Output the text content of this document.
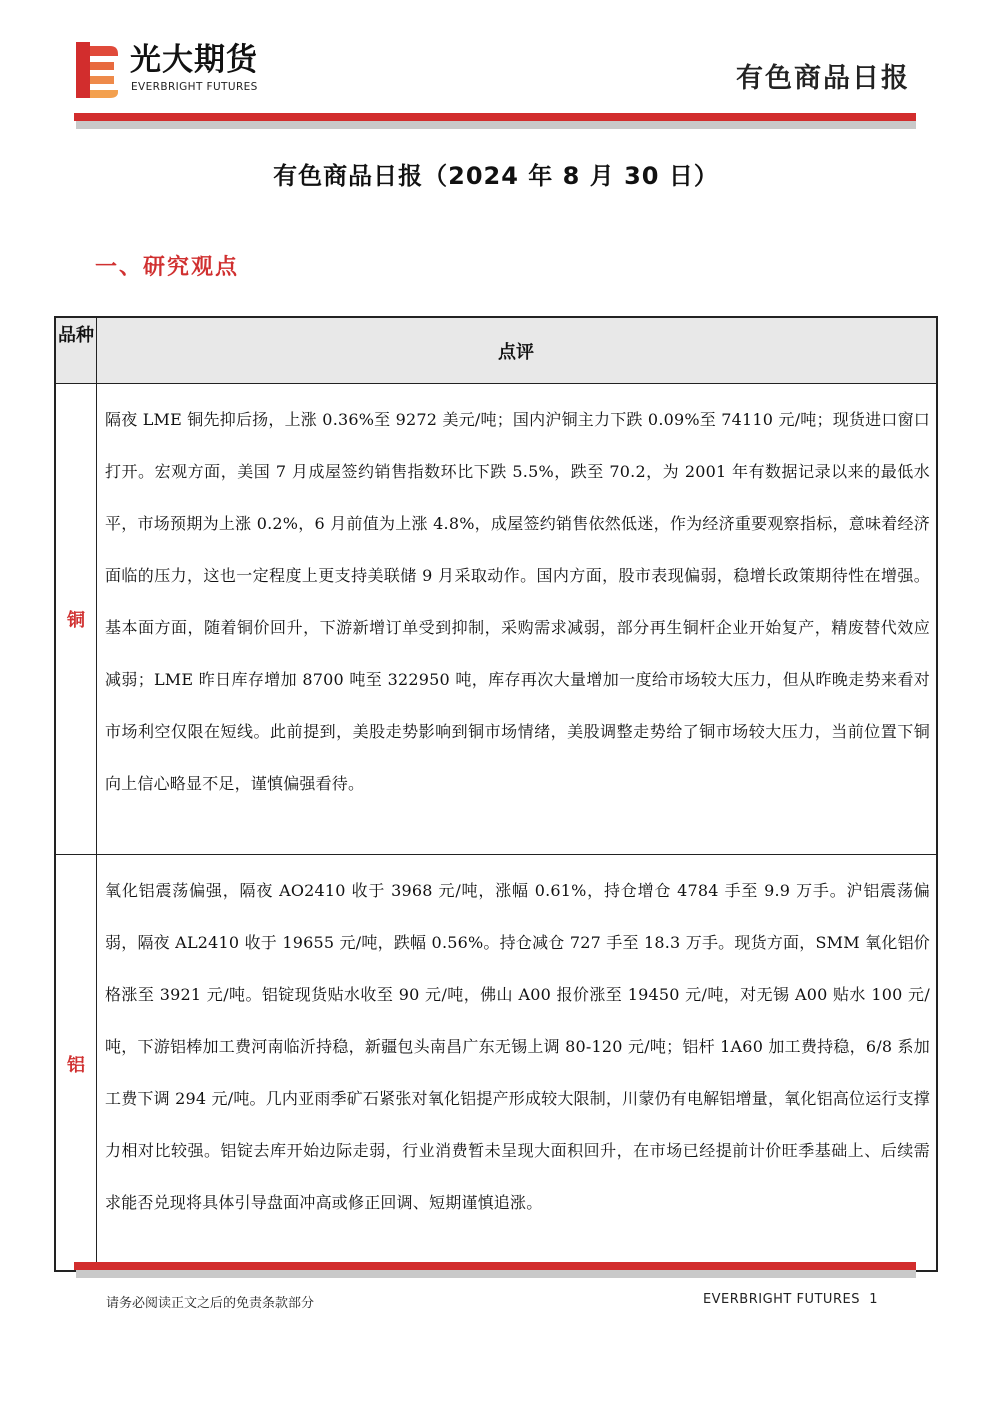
光大期货
EVERBRIGHT FUTURES	有色商品日报
有色商品日报（2024 年 8 月 30 日）
一、研究观点
品种
点评
铜
隔夜 LME 铜先抑后扬，上涨 0.36%至 9272 美元/吨；国内沪铜主力下跌 0.09%至 74110 元/吨；现货进口窗口打开。宏观方面，美国 7 月成屋签约销售指数环比下跌 5.5%，跌至 70.2，为 2001 年有数据记录以来的最低水平，市场预期为上涨 0.2%，6 月前值为上涨 4.8%，成屋签约销售依然低迷，作为经济重要观察指标，意味着经济面临的压力，这也一定程度上更支持美联储 9 月采取动作。国内方面，股市表现偏弱，稳增长政策期待性在增强。基本面方面，随着铜价回升，下游新增订单受到抑制，采购需求减弱，部分再生铜杆企业开始复产，精废替代效应减弱；LME 昨日库存增加 8700 吨至 322950 吨，库存再次大量增加一度给市场较大压力，但从昨晚走势来看对市场利空仅限在短线。此前提到，美股走势影响到铜市场情绪，美股调整走势给了铜市场较大压力，当前位置下铜向上信心略显不足，谨慎偏强看待。
铝
氧化铝震荡偏强，隔夜 AO2410 收于 3968 元/吨，涨幅 0.61%，持仓增仓 4784 手至 9.9 万手。沪铝震荡偏弱，隔夜 AL2410 收于 19655 元/吨，跌幅 0.56%。持仓减仓 727 手至 18.3 万手。现货方面，SMM 氧化铝价格涨至 3921 元/吨。铝锭现货贴水收至 90 元/吨，佛山 A00 报价涨至 19450 元/吨，对无锡 A00 贴水 100 元/吨，下游铝棒加工费河南临沂持稳，新疆包头南昌广东无锡上调 80-120 元/吨；铝杆 1A60 加工费持稳，6/8 系加工费下调 294 元/吨。几内亚雨季矿石紧张对氧化铝提产形成较大限制，川蒙仍有电解铝增量，氧化铝高位运行支撑力相对比较强。铝锭去库开始边际走弱，行业消费暂未呈现大面积回升，在市场已经提前计价旺季基础上、后续需求能否兑现将具体引导盘面冲高或修正回调、短期谨慎追涨。
请务必阅读正文之后的免责条款部分	EVERBRIGHT FUTURES 1
